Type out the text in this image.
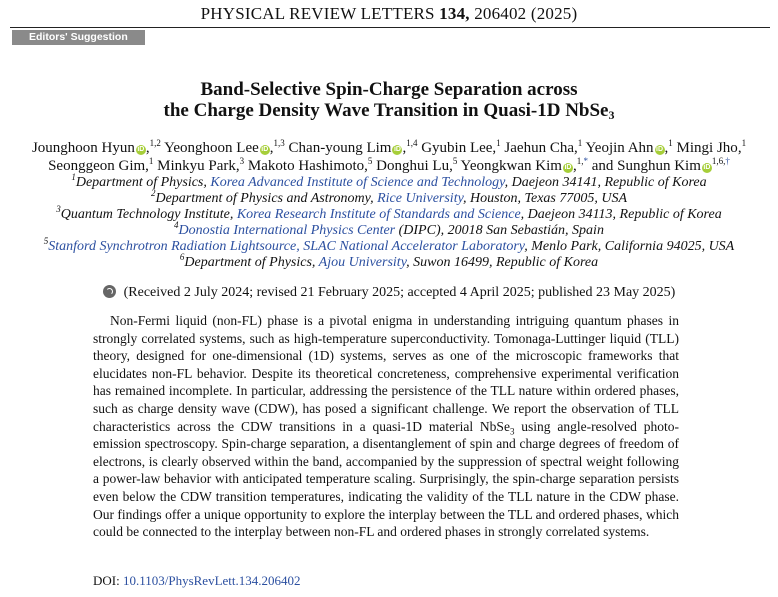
PHYSICAL REVIEW LETTERS 134, 206402 (2025)
Editors' Suggestion
Band-Selective Spin-Charge Separation across
the Charge Density Wave Transition in Quasi-1D NbSe$_3$
Jounghoon Hyun iD ,$^{1,2}$ Yeonghoon Lee iD ,$^{1,3}$ Chan-young Lim iD ,$^{1,4}$ Gyubin Lee,$^1$ Jaehun Cha,$^1$ Yeojin Ahn iD ,$^1$ Mingi Jho,$^1$
Seonggeon Gim,$^1$ Minkyu Park,$^3$ Makoto Hashimoto,$^5$ Donghui Lu,$^5$ Yeongkwan Kim iD ,$^{1,*}$ and Sunghun Kim $iD^{1,6,\dagger}$
$^1$Department of Physics, Korea Advanced Institute of Science and Technology, Daejeon 34141, Republic of Korea
$^2$Department of Physics and Astronomy, Rice University, Houston, Texas 77005, USA
$^3$Quantum Technology Institute, Korea Research Institute of Standards and Science, Daejeon 34113, Republic of Korea
$^4$Donostia International Physics Center (DIPC), 20018 San Sebastián, Spain
$^5$Stanford Synchrotron Radiation Lightsource, SLAC National Accelerator Laboratory, Menlo Park, California 94025, USA
$^6$Department of Physics, Ajou University, Suwon 16499, Republic of Korea
(Received 2 July 2024; revised 21 February 2025; accepted 4 April 2025; published 23 May 2025)

Non-Fermi liquid (non-FL) phase is a pivotal enigma in understanding intriguing quantum phases in strongly correlated systems, such as high-temperature superconductivity. Tomonaga-Luttinger liquid (TLL) theory, designed for one-dimensional (1D) systems, serves as one of the microscopic frameworks that elucidates non-FL behavior. Despite its theoretical concreteness, comprehensive experimental verification has remained incomplete. In particular, addressing the persistence of the TLL nature within ordered phases, such as charge density wave (CDW), has posed a significant challenge. We report the observation of TLL characteristics across the CDW transitions in a quasi-1D material NbSe$_3$ using angle-resolved photo-emission spectroscopy. Spin-charge separation, a disentanglement of spin and charge degrees of freedom of electrons, is clearly observed within the band, accompanied by the suppression of spectral weight following a power-law behavior with anticipated temperature scaling. Surprisingly, the spin-charge separation persists even below the CDW transition temperatures, indicating the validity of the TLL nature in the CDW phase. Our findings offer a unique opportunity to explore the interplay between the TLL and ordered phases, which could be connected to the interplay between non-FL and ordered phases in strongly correlated systems.

DOI: 10.1103/PhysRevLett.134.206402
